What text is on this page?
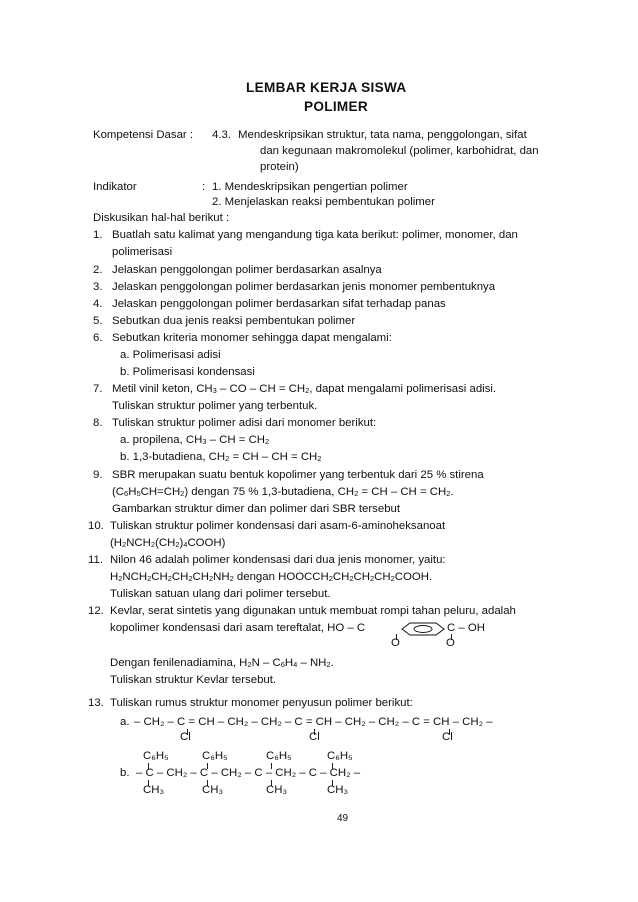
LEMBAR KERJA SISWA
POLIMER
Kompetensi Dasar : 4.3. Mendeskripsikan struktur, tata nama, penggolongan, sifat
dan kegunaan makromolekul (polimer, karbohidrat, dan
protein)
Indikator	: 1. Mendeskripsikan pengertian polimer
2. Menjelaskan reaksi pembentukan polimer
Diskusikan hal-hal berikut :
1. Buatlah satu kalimat yang mengandung tiga kata berikut: polimer, monomer, dan
polimerisasi
2. Jelaskan penggolongan polimer berdasarkan asalnya
3. Jelaskan penggolongan polimer berdasarkan jenis monomer pembentuknya
4. Jelaskan penggolongan polimer berdasarkan sifat terhadap panas
5. Sebutkan dua jenis reaksi pembentukan polimer
6. Sebutkan kriteria monomer sehingga dapat mengalami:
a. Polimerisasi adisi
b. Polimerisasi kondensasi
7. Metil vinil keton, $CH_3$ – CO – CH = $CH_2$, dapat mengalami polimerisasi adisi.
Tuliskan struktur polimer yang terbentuk.
8. Tuliskan struktur polimer adisi dari monomer berikut:
a. propilena, $CH_3$ – CH = $CH_2$
b. 1,3-butadiena, $CH_2$ = CH – CH = $CH_2$
9. SBR merupakan suatu bentuk kopolimer yang terbentuk dari 25 % stirena
$(C_6H_5CH=CH_2)$ dengan 75 % 1,3-butadiena, $CH_2$ = CH – CH = $CH_2$.
Gambarkan struktur dimer dan polimer dari SBR tersebut
10. Tuliskan struktur polimer kondensasi dari asam-6-aminoheksanoat
$(H_2NCH_2(CH_2)_4COOH)$
11. Nilon 46 adalah polimer kondensasi dari dua jenis monomer, yaitu:
$H_2NCH_2CH_2CH_2CH_2NH_2$ dengan $HOOCCH_2CH_2CH_2CH_2COOH$.
Tuliskan satuan ulang dari polimer tersebut.
12. Kevlar, serat sintetis yang digunakan untuk membuat rompi tahan peluru, adalah
kopolimer kondensasi dari asam tereftalat, HO – C	C – OH
O	O
Dengan fenilenadiamina, $H_2N - C_6H_4 - NH_2$.
Tuliskan struktur Kevlar tersebut.
13. Tuliskan rumus struktur monomer penyusun polimer berikut:
a. – CH₂ – C = CH – CH₂ – CH₂ – C = CH – CH₂ – CH₂ – C = CH – CH₂ –
Cl	Cl	Cl
C₆H₅	C₆H₅	C₆H₅	C₆H₅
b. – C – CH₂ – C – CH₂ – C – CH₂ – C – CH₂ –
CH₃	CH₃	CH₃	CH₃
49
